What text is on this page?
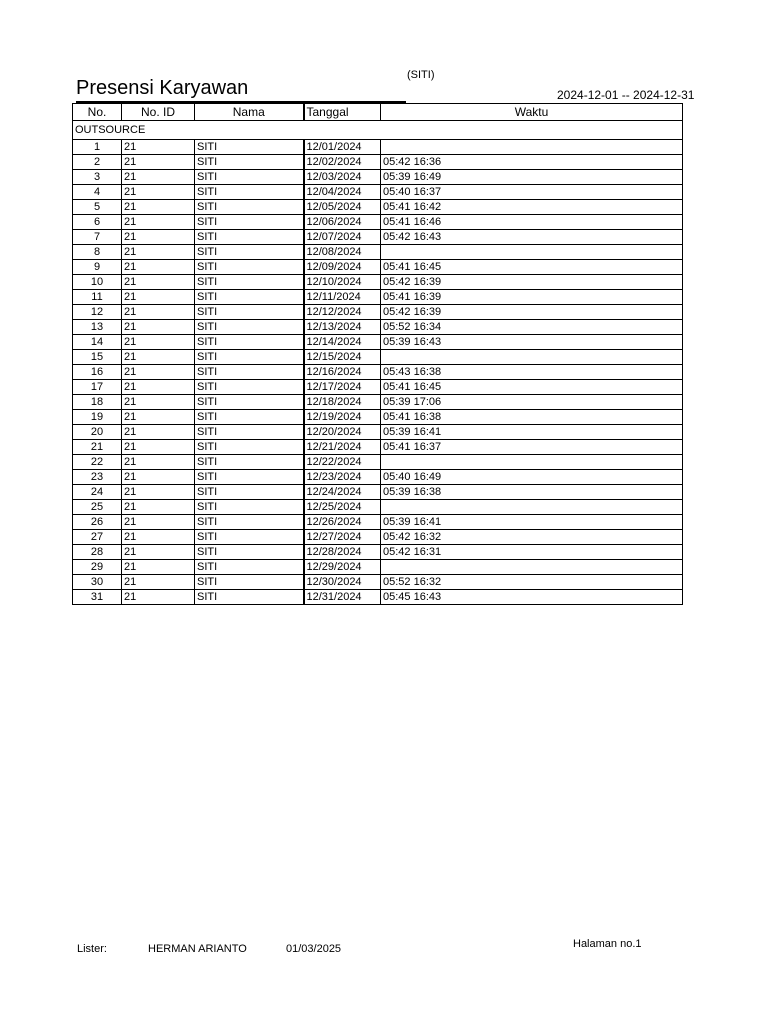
Presensi Karyawan
(SITI)
2024-12-01 -- 2024-12-31
No.	No. ID	Nama	Tanggal	Waktu
OUTSOURCE				
1	21	SITI	12/01/2024	
2	21	SITI	12/02/2024	05:42 16:36
3	21	SITI	12/03/2024	05:39 16:49
4	21	SITI	12/04/2024	05:40 16:37
5	21	SITI	12/05/2024	05:41 16:42
6	21	SITI	12/06/2024	05:41 16:46
7	21	SITI	12/07/2024	05:42 16:43
8	21	SITI	12/08/2024	
9	21	SITI	12/09/2024	05:41 16:45
10	21	SITI	12/10/2024	05:42 16:39
11	21	SITI	12/11/2024	05:41 16:39
12	21	SITI	12/12/2024	05:42 16:39
13	21	SITI	12/13/2024	05:52 16:34
14	21	SITI	12/14/2024	05:39 16:43
15	21	SITI	12/15/2024	
16	21	SITI	12/16/2024	05:43 16:38
17	21	SITI	12/17/2024	05:41 16:45
18	21	SITI	12/18/2024	05:39 17:06
19	21	SITI	12/19/2024	05:41 16:38
20	21	SITI	12/20/2024	05:39 16:41
21	21	SITI	12/21/2024	05:41 16:37
22	21	SITI	12/22/2024	
23	21	SITI	12/23/2024	05:40 16:49
24	21	SITI	12/24/2024	05:39 16:38
25	21	SITI	12/25/2024	
26	21	SITI	12/26/2024	05:39 16:41
27	21	SITI	12/27/2024	05:42 16:32
28	21	SITI	12/28/2024	05:42 16:31
29	21	SITI	12/29/2024	
30	21	SITI	12/30/2024	05:52 16:32
31	21	SITI	12/31/2024	05:45 16:43
Lister:	HERMAN ARIANTO	01/03/2025	Halaman no.1
